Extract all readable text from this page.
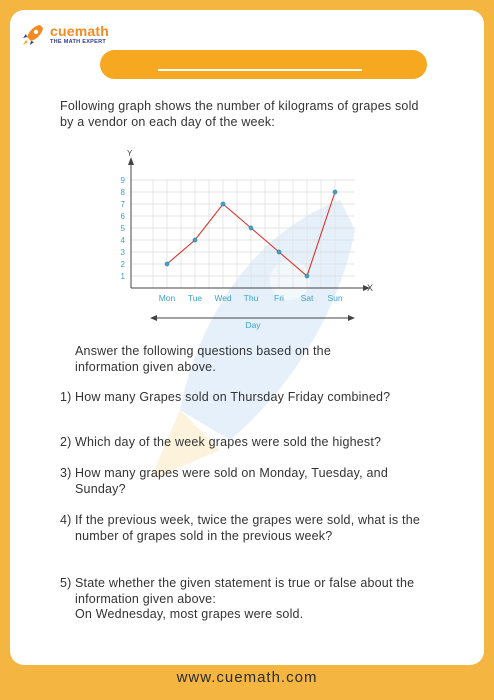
cuemath
THE MATH EXPERT
Following graph shows the number of kilograms of grapes sold by a vendor on each day of the week:
Y
X
1
2
3
4
5
6
7
8
9
Mon Tue Wed Thu Fri Sat Sun
Day
Answer the following questions based on the information given above.
1) How many Grapes sold on Thursday Friday combined?
2) Which day of the week grapes were sold the highest?
3) How many grapes were sold on Monday, Tuesday, and Sunday?
4) If the previous week, twice the grapes were sold, what is the number of grapes sold in the previous week?
5) State whether the given statement is true or false about the information given above:
On Wednesday, most grapes were sold.
www.cuemath.com
